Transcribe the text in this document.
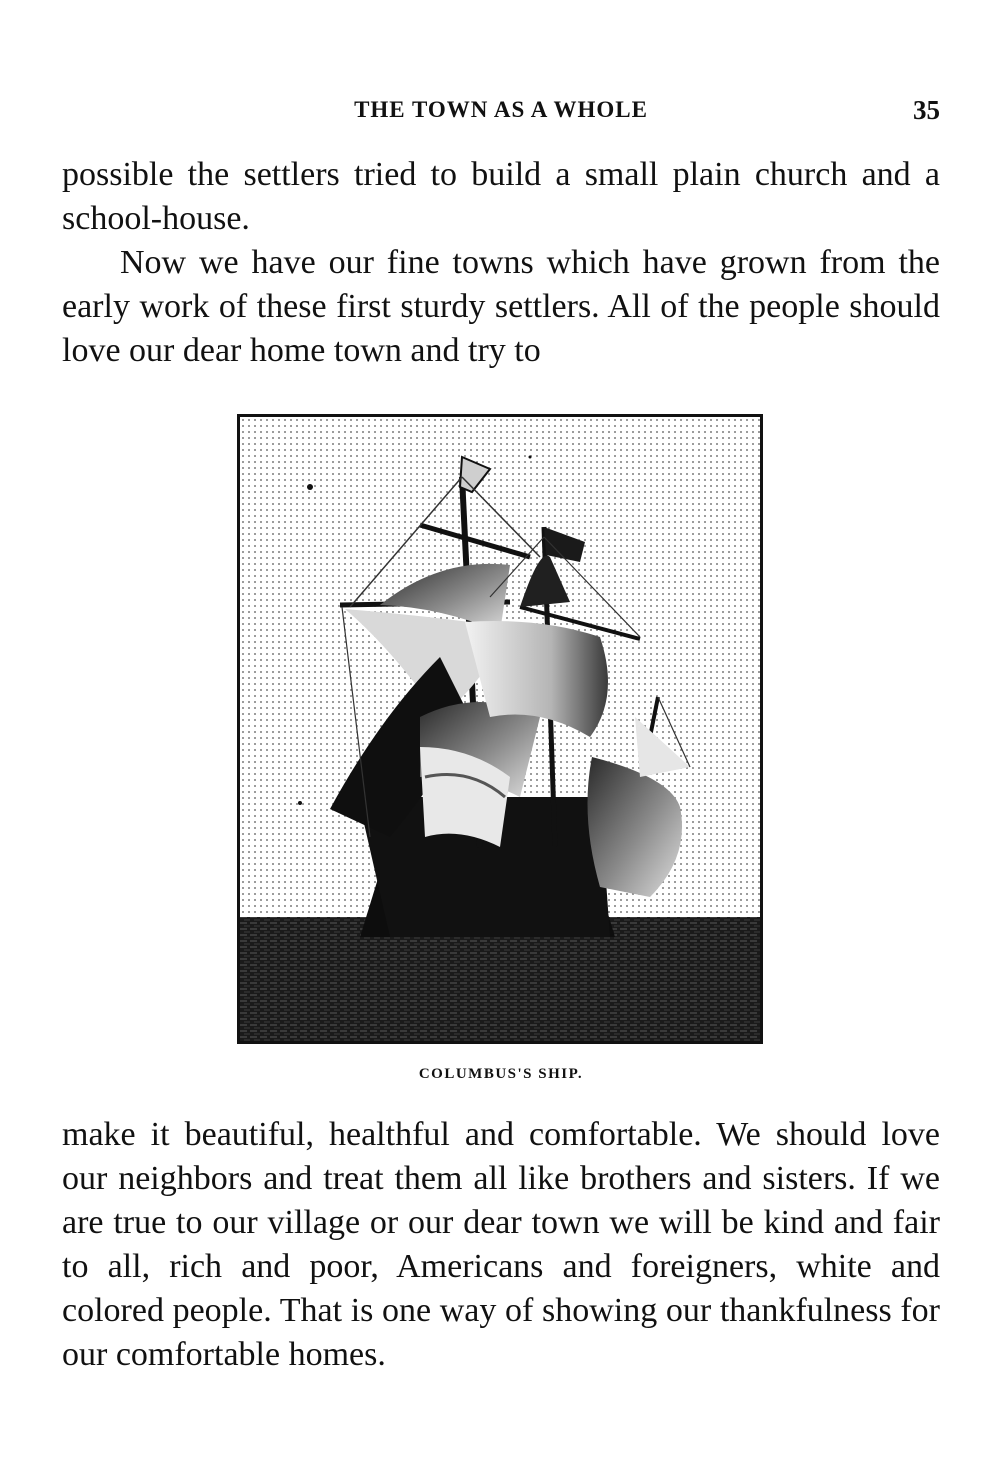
THE TOWN AS A WHOLE	35

possible the settlers tried to build a small plain church and a school-house.

Now we have our fine towns which have grown from the early work of these first sturdy settlers. All of the people should love our dear home town and try to

COLUMBUS'S SHIP.

make it beautiful, healthful and comfortable. We should love our neighbors and treat them all like brothers and sisters. If we are true to our village or our dear town we will be kind and fair to all, rich and poor, Americans and foreigners, white and colored people. That is one way of showing our thankfulness for our comfortable homes.
